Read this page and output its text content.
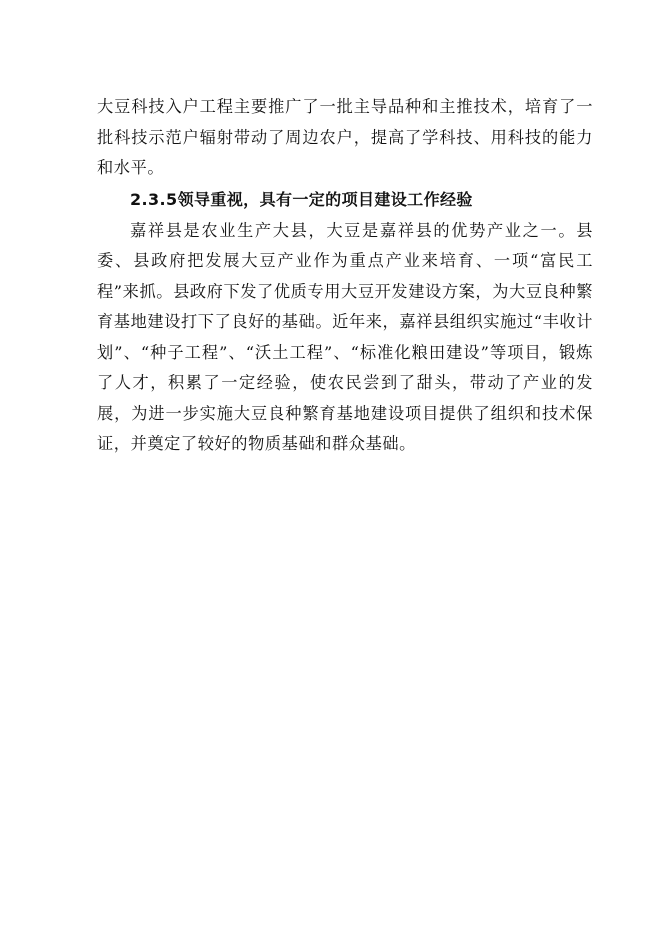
大豆科技入户工程主要推广了一批主导品种和主推技术，培育了一批科技示范户辐射带动了周边农户，提高了学科技、用科技的能力和水平。

2.3.5领导重视，具有一定的项目建设工作经验

嘉祥县是农业生产大县，大豆是嘉祥县的优势产业之一。县委、县政府把发展大豆产业作为重点产业来培育、一项“富民工程”来抓。县政府下发了优质专用大豆开发建设方案，为大豆良种繁育基地建设打下了良好的基础。近年来，嘉祥县组织实施过“丰收计划”、“种子工程”、“沃土工程”、“标准化粮田建设”等项目，锻炼了人才，积累了一定经验，使农民尝到了甜头，带动了产业的发展，为进一步实施大豆良种繁育基地建设项目提供了组织和技术保证，并奠定了较好的物质基础和群众基础。
